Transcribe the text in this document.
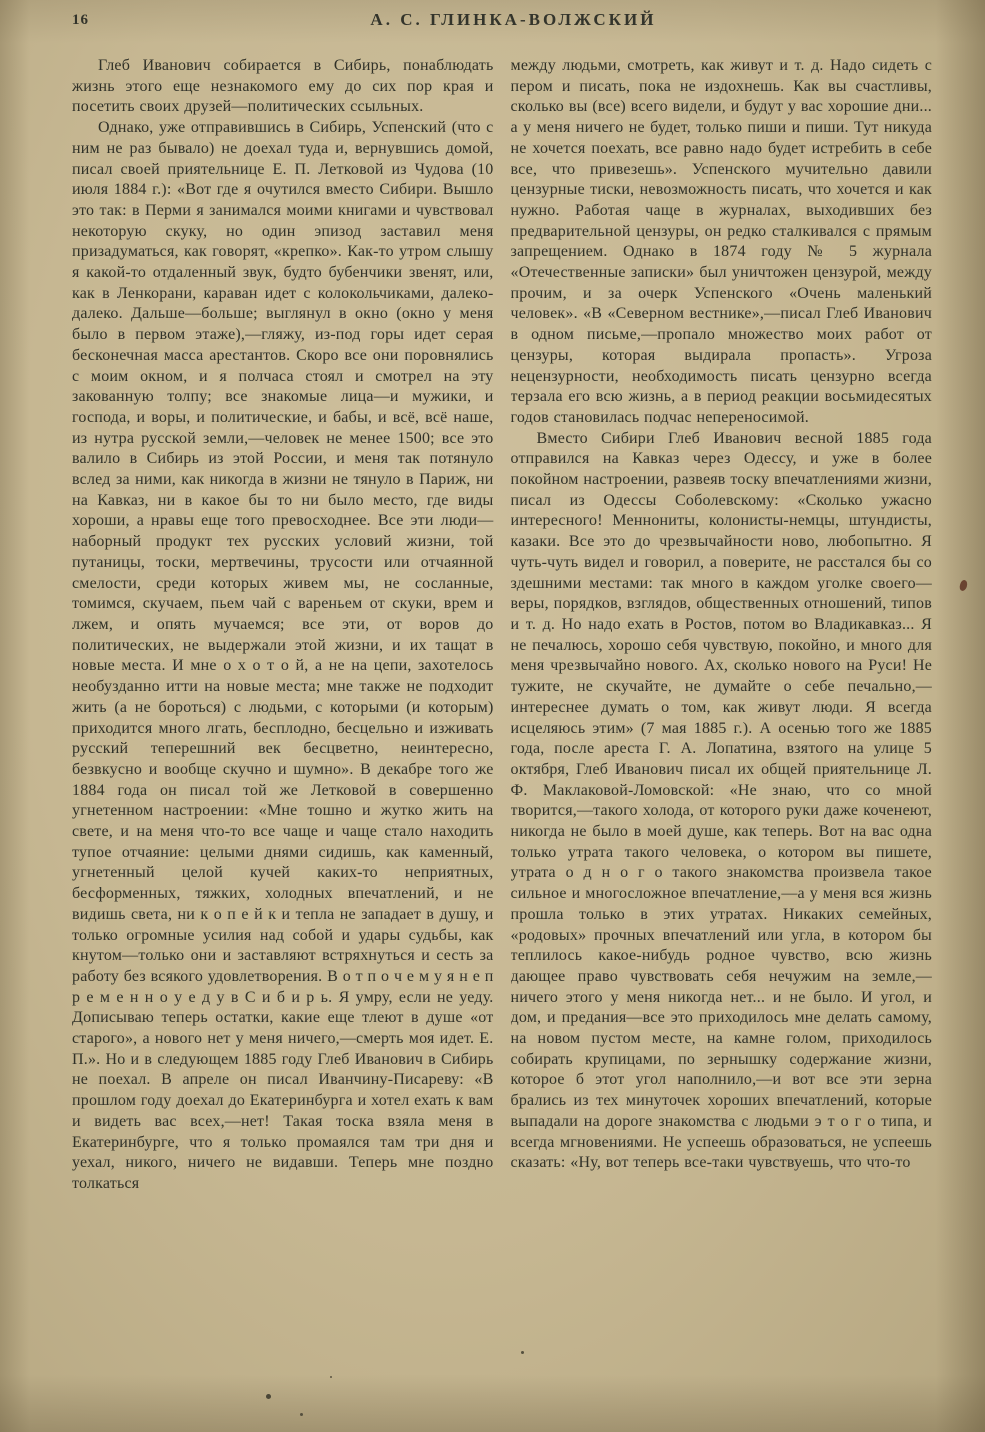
16	А. С. ГЛИНКА-ВОЛЖСКИЙ

Глеб Иванович собирается в Сибирь, понаблюдать жизнь этого еще незнакомого ему до сих пор края и посетить своих друзей—политических ссыльных.

Однако, уже отправившись в Сибирь, Успенский (что с ним не раз бывало) не доехал туда и, вернувшись домой, писал своей приятельнице Е. П. Летковой из Чудова (10 июля 1884 г.): «Вот где я очутился вместо Сибири. Вышло это так: в Перми я занимался моими книгами и чувствовал некоторую скуку, но один эпизод заставил меня призадуматься, как говорят, «крепко». Как-то утром слышу я какой-то отдаленный звук, будто бубенчики звенят, или, как в Ленкорани, караван идет с колокольчиками, далеко-далеко. Дальше—больше; выглянул в окно (окно у меня было в первом этаже),—гляжу, из-под горы идет серая бесконечная масса арестантов. Скоро все они поровнялись с моим окном, и я полчаса стоял и смотрел на эту закованную толпу; все знакомые лица—и мужики, и господа, и воры, и политические, и бабы, и всё, всё наше, из нутра русской земли,—человек не менее 1500; все это валило в Сибирь из этой России, и меня так потянуло вслед за ними, как никогда в жизни не тянуло в Париж, ни на Кавказ, ни в какое бы то ни было место, где виды хороши, а нравы еще того превосходнее. Все эти люди—наборный продукт тех русских условий жизни, той путаницы, тоски, мертвечины, трусости или отчаянной смелости, среди которых живем мы, не сосланные, томимся, скучаем, пьем чай с вареньем от скуки, врем и лжем, и опять мучаемся; все эти, от воров до политических, не выдержали этой жизни, и их тащат в новые места. И мне о х о т о й, а не на цепи, захотелось необузданно итти на новые места; мне также не подходит жить (а не бороться) с людьми, с которыми (и которым) приходится много лгать, бесплодно, бесцельно и изживать русский теперешний век бесцветно, неинтересно, безвкусно и вообще скучно и шумно». В декабре того же 1884 года он писал той же Летковой в совершенно угнетенном настроении: «Мне тошно и жутко жить на свете, и на меня что-то все чаще и чаще стало находить тупое отчаяние: целыми днями сидишь, как каменный, угнетенный целой кучей каких-то неприятных, бесформенных, тяжких, холодных впечатлений, и не видишь света, ни к о п е й к и тепла не западает в душу, и только огромные усилия над собой и удары судьбы, как кнутом—только они и заставляют встряхнуться и сесть за работу без всякого удовлетворения. В о т п о ч е м у я н е п р е м е н н о у е д у в С и б и р ь. Я умру, если не уеду. Дописываю теперь остатки, какие еще тлеют в душе «от старого», а нового нет у меня ничего,—смерть моя идет. Е. П.». Но и в следующем 1885 году Глеб Иванович в Сибирь не поехал. В апреле он писал Иванчину-Писареву: «В прошлом году доехал до Екатеринбурга и хотел ехать к вам и видеть вас всех,—нет! Такая тоска взяла меня в Екатеринбурге, что я только промаялся там три дня и уехал, никого, ничего не видавши. Теперь мне поздно толкаться

между людьми, смотреть, как живут и т. д. Надо сидеть с пером и писать, пока не издохнешь. Как вы счастливы, сколько вы (все) всего видели, и будут у вас хорошие дни... а у меня ничего не будет, только пиши и пиши. Тут никуда не хочется поехать, все равно надо будет истребить в себе все, что привезешь». Успенского мучительно давили цензурные тиски, невозможность писать, что хочется и как нужно. Работая чаще в журналах, выходивших без предварительной цензуры, он редко сталкивался с прямым запрещением. Однако в 1874 году № 5 журнала «Отечественные записки» был уничтожен цензурой, между прочим, и за очерк Успенского «Очень маленький человек». «В «Северном вестнике»,—писал Глеб Иванович в одном письме,—пропало множество моих работ от цензуры, которая выдирала пропасть». Угроза нецензурности, необходимость писать цензурно всегда терзала его всю жизнь, а в период реакции восьмидесятых годов становилась подчас непереносимой.

Вместо Сибири Глеб Иванович весной 1885 года отправился на Кавказ через Одессу, и уже в более покойном настроении, развеяв тоску впечатлениями жизни, писал из Одессы Соболевскому: «Сколько ужасно интересного! Меннониты, колонисты-немцы, штундисты, казаки. Все это до чрезвычайности ново, любопытно. Я чуть-чуть видел и говорил, а поверите, не расстался бы со здешними местами: так много в каждом уголке своего—веры, порядков, взглядов, общественных отношений, типов и т. д. Но надо ехать в Ростов, потом во Владикавказ... Я не печалюсь, хорошо себя чувствую, покойно, и много для меня чрезвычайно нового. Ах, сколько нового на Руси! Не тужите, не скучайте, не думайте о себе печально,—интереснее думать о том, как живут люди. Я всегда исцеляюсь этим» (7 мая 1885 г.). А осенью того же 1885 года, после ареста Г. А. Лопатина, взятого на улице 5 октября, Глеб Иванович писал их общей приятельнице Л. Ф. Маклаковой-Ломовской: «Не знаю, что со мной творится,—такого холода, от которого руки даже коченеют, никогда не было в моей душе, как теперь. Вот на вас одна только утрата такого человека, о котором вы пишете, утрата о д н о г о такого знакомства произвела такое сильное и многосложное впечатление,—а у меня вся жизнь прошла только в этих утратах. Никаких семейных, «родовых» прочных впечатлений или угла, в котором бы теплилось какое-нибудь родное чувство, всю жизнь дающее право чувствовать себя нечужим на земле,—ничего этого у меня никогда нет... и не было. И угол, и дом, и предания—все это приходилось мне делать самому, на новом пустом месте, на камне голом, приходилось собирать крупицами, по зернышку содержание жизни, которое б этот угол наполнило,—и вот все эти зерна брались из тех минуточек хороших впечатлений, которые выпадали на дороге знакомства с людьми э т о г о типа, и всегда мгновениями. Не успеешь образоваться, не успеешь сказать: «Ну, вот теперь все-таки чувствуешь, что что-то
